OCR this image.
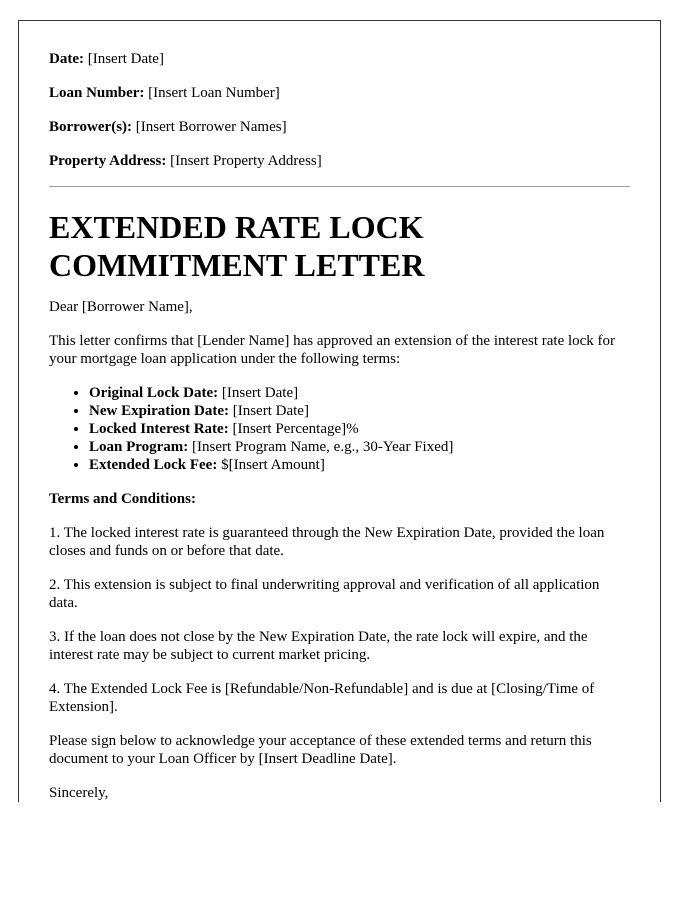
Date: [Insert Date]
Loan Number: [Insert Loan Number]
Borrower(s): [Insert Borrower Names]
Property Address: [Insert Property Address]
EXTENDED RATE LOCK
COMMITMENT LETTER

Dear [Borrower Name],

This letter confirms that [Lender Name] has approved an extension of the interest rate lock for your mortgage loan application under the following terms:

• Original Lock Date: [Insert Date]
• New Expiration Date: [Insert Date]
• Locked Interest Rate: [Insert Percentage]%
• Loan Program: [Insert Program Name, e.g., 30-Year Fixed]
• Extended Lock Fee: $[Insert Amount]

Terms and Conditions:

1. The locked interest rate is guaranteed through the New Expiration Date, provided the loan closes and funds on or before that date.

2. This extension is subject to final underwriting approval and verification of all application data.

3. If the loan does not close by the New Expiration Date, the rate lock will expire, and the interest rate may be subject to current market pricing.

4. The Extended Lock Fee is [Refundable/Non-Refundable] and is due at [Closing/Time of Extension].

Please sign below to acknowledge your acceptance of these extended terms and return this document to your Loan Officer by [Insert Deadline Date].

Sincerely,
